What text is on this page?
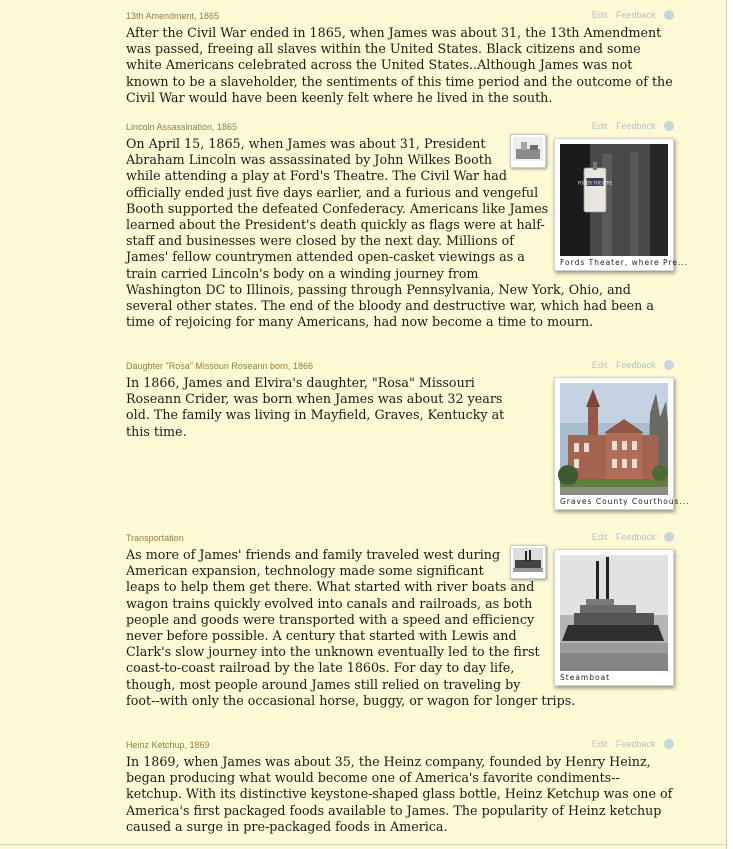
13th Amendment, 1865	Edit Feedback

After the Civil War ended in 1865, when James was about 31, the 13th Amendment was passed, freeing all slaves within the United States. Black citizens and some white Americans celebrated across the United States..Although James was not known to be a slaveholder, the sentiments of this time period and the outcome of the Civil War would have been keenly felt where he lived in the south.

Lincoln Assassination, 1865	Edit Feedback
FORDS THEATRE
Fords Theater, where Pre...

On April 15, 1865, when James was about 31, President Abraham Lincoln was assassinated by John Wilkes Booth while attending a play at Ford's Theatre. The Civil War had officially ended just five days earlier, and a furious and vengeful Booth supported the defeated Confederacy. Americans like James learned about the President's death quickly as flags were at half-staff and businesses were closed by the next day. Millions of James' fellow countrymen attended open-casket viewings as a train carried Lincoln's body on a winding journey from Washington DC to Illinois, passing through Pennsylvania, New York, Ohio, and several other states. The end of the bloody and destructive war, which had been a time of rejoicing for many Americans, had now become a time to mourn.

Daughter "Rosa" Missouri Roseann born, 1866	Edit Feedback
Graves County Courthous...

In 1866, James and Elvira's daughter, "Rosa" Missouri Roseann Crider, was born when James was about 32 years old. The family was living in Mayfield, Graves, Kentucky at this time.

Transportation	Edit Feedback
Steamboat

As more of James' friends and family traveled west during American expansion, technology made some significant leaps to help them get there. What started with river boats and wagon trains quickly evolved into canals and railroads, as both people and goods were transported with a speed and efficiency never before possible. A century that started with Lewis and Clark's slow journey into the unknown eventually led to the first coast-to-coast railroad by the late 1860s. For day to day life, though, most people around James still relied on traveling by foot--with only the occasional horse, buggy, or wagon for longer trips.

Heinz Ketchup, 1869	Edit Feedback

In 1869, when James was about 35, the Heinz company, founded by Henry Heinz, began producing what would become one of America's favorite condiments--ketchup. With its distinctive keystone-shaped glass bottle, Heinz Ketchup was one of America's first packaged foods available to James. The popularity of Heinz ketchup caused a surge in pre-packaged foods in America.
